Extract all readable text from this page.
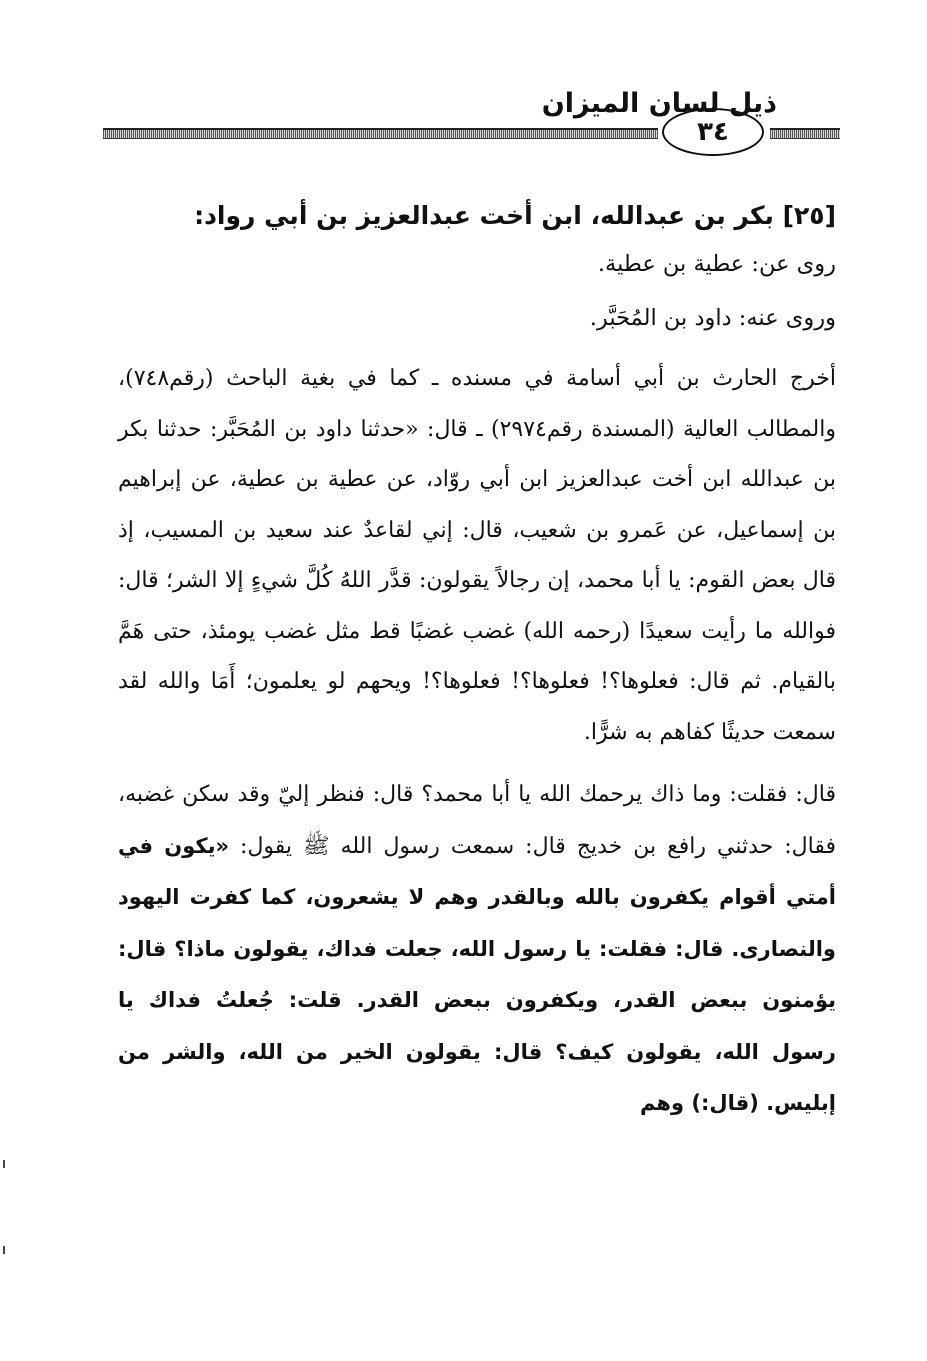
ذيل لسان الميزان
٣٤
[٢٥] بكر بن عبدالله، ابن أخت عبدالعزيز بن أبي رواد:
روى عن: عطية بن عطية.
وروى عنه: داود بن المُحَبَّر.

أخرج الحارث بن أبي أسامة في مسنده ـ كما في بغية الباحث (رقم٧٤٨)، والمطالب العالية (المسندة رقم٢٩٧٤) ـ قال: «حدثنا داود بن المُحَبَّر: حدثنا بكر بن عبدالله ابن أخت عبدالعزيز ابن أبي روّاد، عن عطية بن عطية، عن إبراهيم بن إسماعيل، عن عَمرو بن شعيب، قال: إني لقاعدٌ عند سعيد بن المسيب، إذ قال بعض القوم: يا أبا محمد، إن رجالاً يقولون: قدَّر اللهُ كُلَّ شيءٍ إلا الشر؛ قال: فوالله ما رأيت سعيدًا (رحمه الله) غضب غضبًا قط مثل غضب يومئذ، حتى هَمَّ بالقيام. ثم قال: فعلوها؟! فعلوها؟! فعلوها؟! ويحهم لو يعلمون؛ أَمَا والله لقد سمعت حديثًا كفاهم به شرًّا.

قال: فقلت: وما ذاك يرحمك الله يا أبا محمد؟ قال: فنظر إليّ وقد سكن غضبه، فقال: حدثني رافع بن خديج قال: سمعت رسول الله ﷺ يقول: «يكون في أمتي أقوام يكفرون بالله وبالقدر وهم لا يشعرون، كما كفرت اليهود والنصارى. قال: فقلت: يا رسول الله، جعلت فداك، يقولون ماذا؟ قال: يؤمنون ببعض القدر، ويكفرون ببعض القدر. قلت: جُعلتُ فداك يا رسول الله، يقولون كيف؟ قال: يقولون الخير من الله، والشر من إبليس. (قال:) وهم
